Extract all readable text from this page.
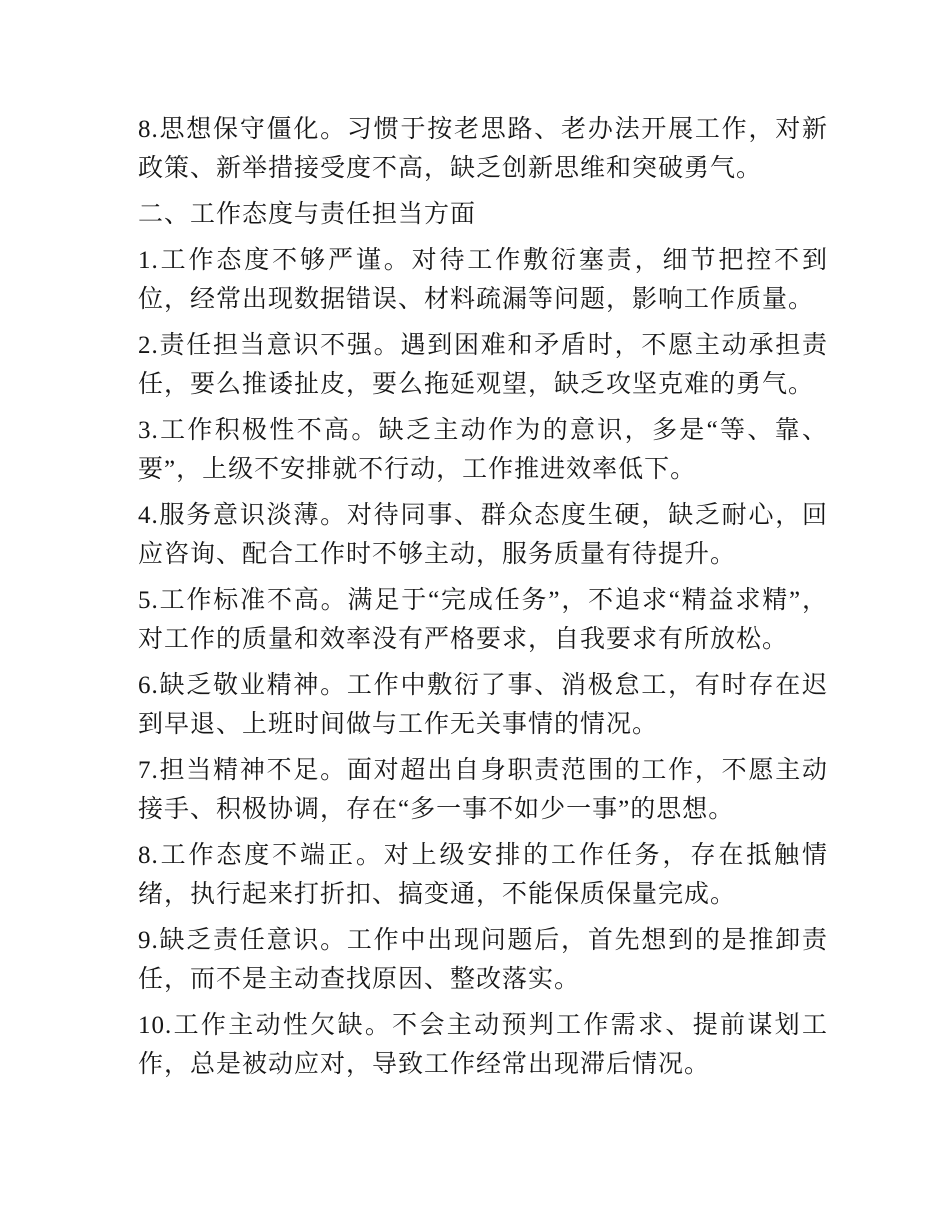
8.思想保守僵化。习惯于按老思路、老办法开展工作，对新政策、新举措接受度不高，缺乏创新思维和突破勇气。

二、工作态度与责任担当方面

1.工作态度不够严谨。对待工作敷衍塞责，细节把控不到位，经常出现数据错误、材料疏漏等问题，影响工作质量。

2.责任担当意识不强。遇到困难和矛盾时，不愿主动承担责任，要么推诿扯皮，要么拖延观望，缺乏攻坚克难的勇气。

3.工作积极性不高。缺乏主动作为的意识，多是“等、靠、要”，上级不安排就不行动，工作推进效率低下。

4.服务意识淡薄。对待同事、群众态度生硬，缺乏耐心，回应咨询、配合工作时不够主动，服务质量有待提升。

5.工作标准不高。满足于“完成任务”，不追求“精益求精”，对工作的质量和效率没有严格要求，自我要求有所放松。

6.缺乏敬业精神。工作中敷衍了事、消极怠工，有时存在迟到早退、上班时间做与工作无关事情的情况。

7.担当精神不足。面对超出自身职责范围的工作，不愿主动接手、积极协调，存在“多一事不如少一事”的思想。

8.工作态度不端正。对上级安排的工作任务，存在抵触情绪，执行起来打折扣、搞变通，不能保质保量完成。

9.缺乏责任意识。工作中出现问题后，首先想到的是推卸责任，而不是主动查找原因、整改落实。

10.工作主动性欠缺。不会主动预判工作需求、提前谋划工作，总是被动应对，导致工作经常出现滞后情况。
